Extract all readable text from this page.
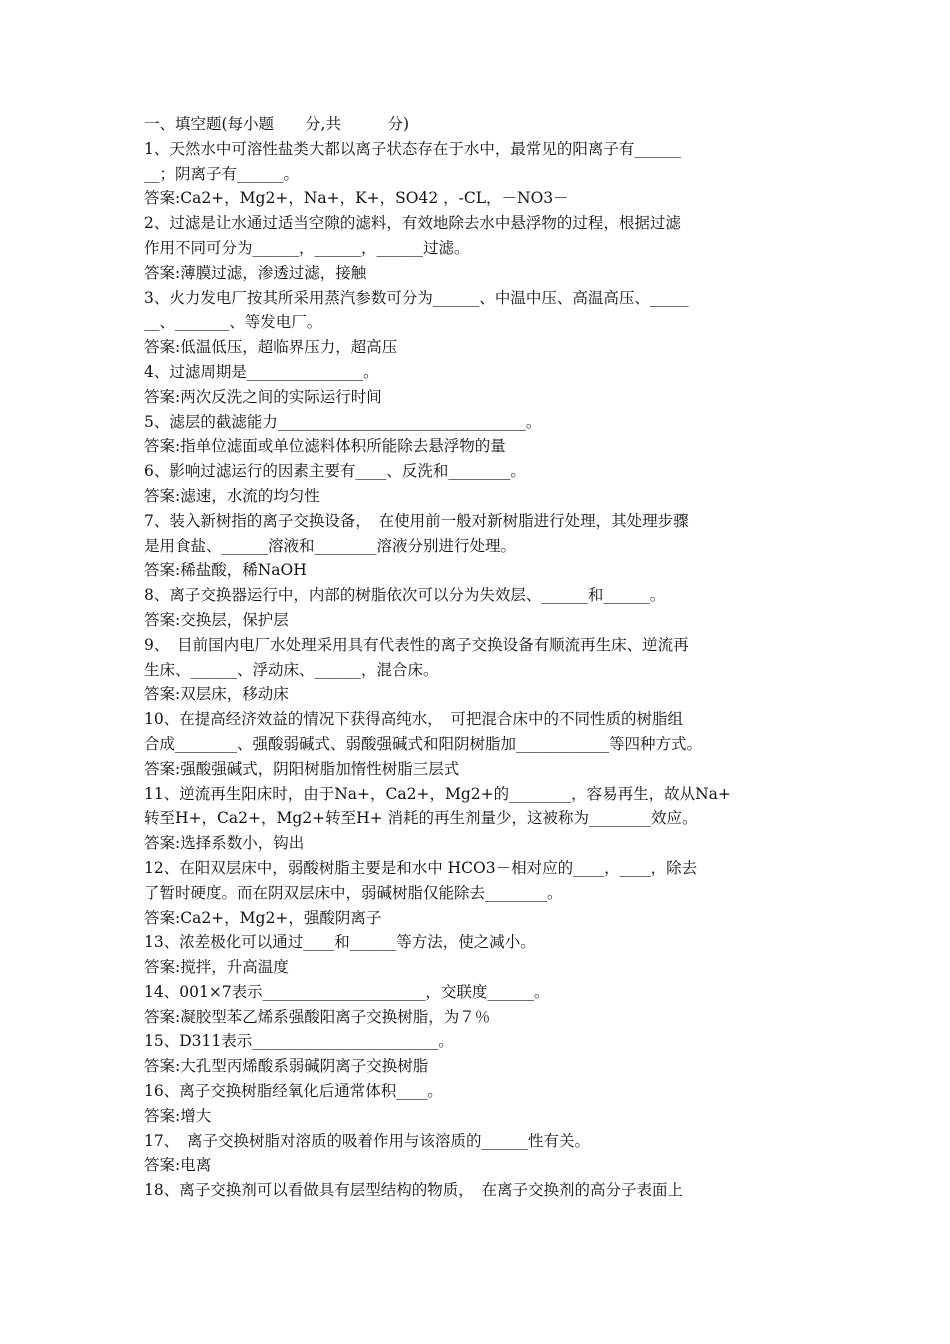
一、填空题(每小题　　分,共　　　分)
1、天然水中可溶性盐类大都以离子状态存在于水中，最常见的阳离子有______
__；阴离子有______。
答案:Ca2+，Mg2+，Na+，K+，SO42 ，-CL，－NO3－
2、过滤是让水通过适当空隙的滤料，有效地除去水中悬浮物的过程，根据过滤
作用不同可分为______，______，______过滤。
答案:薄膜过滤，渗透过滤，接触
3、火力发电厂按其所采用蒸汽参数可分为______、中温中压、高温高压、_____
__、_______、等发电厂。
答案:低温低压，超临界压力，超高压
4、过滤周期是_______________。
答案:两次反洗之间的实际运行时间
5、滤层的截滤能力________________________________。
答案:指单位滤面或单位滤料体积所能除去悬浮物的量
6、影响过滤运行的因素主要有____、反洗和________。
答案:滤速，水流的均匀性
7、装入新树指的离子交换设备，　在使用前一般对新树脂进行处理，其处理步骤
是用食盐、______溶液和________溶液分别进行处理。
答案:稀盐酸，稀NaOH
8、离子交换器运行中，内部的树脂依次可以分为失效层、______和______。
答案:交换层，保护层
9、　目前国内电厂水处理采用具有代表性的离子交换设备有顺流再生床、逆流再
生床、______、浮动床、______，混合床。
答案:双层床，移动床
10、在提高经济效益的情况下获得高纯水，　可把混合床中的不同性质的树脂组
合成________、强酸弱碱式、弱酸强碱式和阳阴树脂加____________等四种方式。
答案:强酸强碱式，阴阳树脂加惰性树脂三层式
11、逆流再生阳床时，由于Na+，Ca2+，Mg2+的________，容易再生，故从Na+
转至H+，Ca2+，Mg2+转至H+ 消耗的再生剂量少，这被称为________效应。
答案:选择系数小，钩出
12、在阳双层床中，弱酸树脂主要是和水中 HCO3－相对应的____，____，除去
了暂时硬度。而在阴双层床中，弱碱树脂仅能除去________。
答案:Ca2+，Mg2+，强酸阴离子
13、浓差极化可以通过____和______等方法，使之减小。
答案:搅拌，升高温度
14、001×7表示_____________________，交联度______。
答案:凝胶型苯乙烯系强酸阳离子交换树脂，为７％
15、D311表示________________________。
答案:大孔型丙烯酸系弱碱阴离子交换树脂
16、离子交换树脂经氧化后通常体积____。
答案:增大
17、　离子交换树脂对溶质的吸着作用与该溶质的______性有关。
答案:电离
18、离子交换剂可以看做具有层型结构的物质，　在离子交换剂的高分子表面上
